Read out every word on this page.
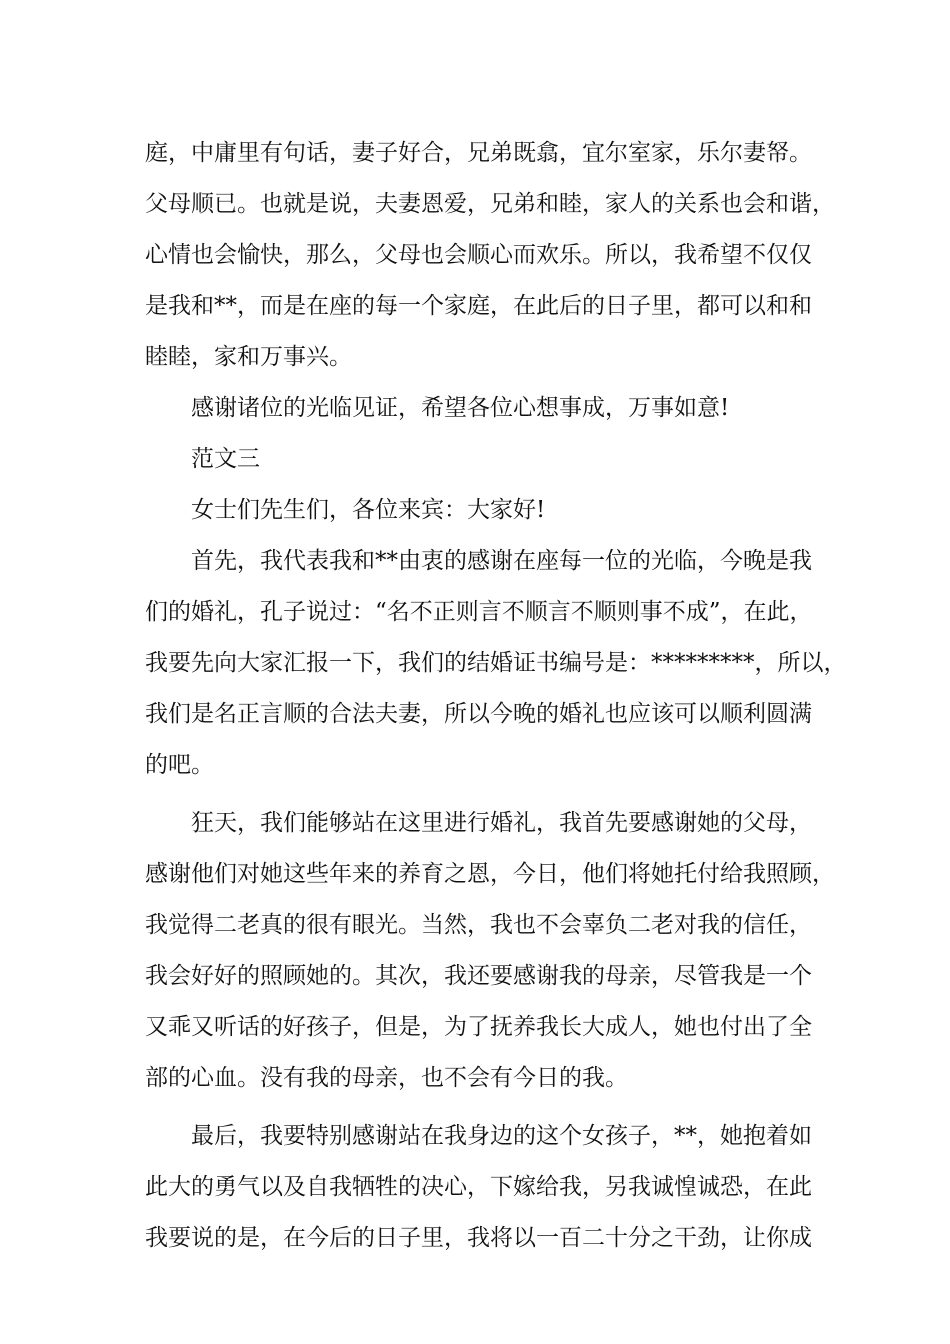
庭，中庸里有句话，妻子好合，兄弟既翕，宜尔室家，乐尔妻帑。
父母顺已。也就是说，夫妻恩爱，兄弟和睦，家人的关系也会和谐，
心情也会愉快，那么，父母也会顺心而欢乐。所以，我希望不仅仅
是我和**，而是在座的每一个家庭，在此后的日子里，都可以和和
睦睦，家和万事兴。
感谢诸位的光临见证，希望各位心想事成，万事如意!
范文三
女士们先生们，各位来宾：大家好!
首先，我代表我和**由衷的感谢在座每一位的光临，今晚是我
们的婚礼，孔子说过：“名不正则言不顺言不顺则事不成”，在此，
我要先向大家汇报一下，我们的结婚证书编号是：*********，所以，
我们是名正言顺的合法夫妻，所以今晚的婚礼也应该可以顺利圆满
的吧。
狂天，我们能够站在这里进行婚礼，我首先要感谢她的父母，
感谢他们对她这些年来的养育之恩，今日，他们将她托付给我照顾，
我觉得二老真的很有眼光。当然，我也不会辜负二老对我的信任，
我会好好的照顾她的。其次，我还要感谢我的母亲，尽管我是一个
又乖又听话的好孩子，但是，为了抚养我长大成人，她也付出了全
部的心血。没有我的母亲，也不会有今日的我。
最后，我要特别感谢站在我身边的这个女孩子，**，她抱着如
此大的勇气以及自我牺牲的决心，下嫁给我，另我诚惶诚恐，在此
我要说的是，在今后的日子里，我将以一百二十分之干劲，让你成
